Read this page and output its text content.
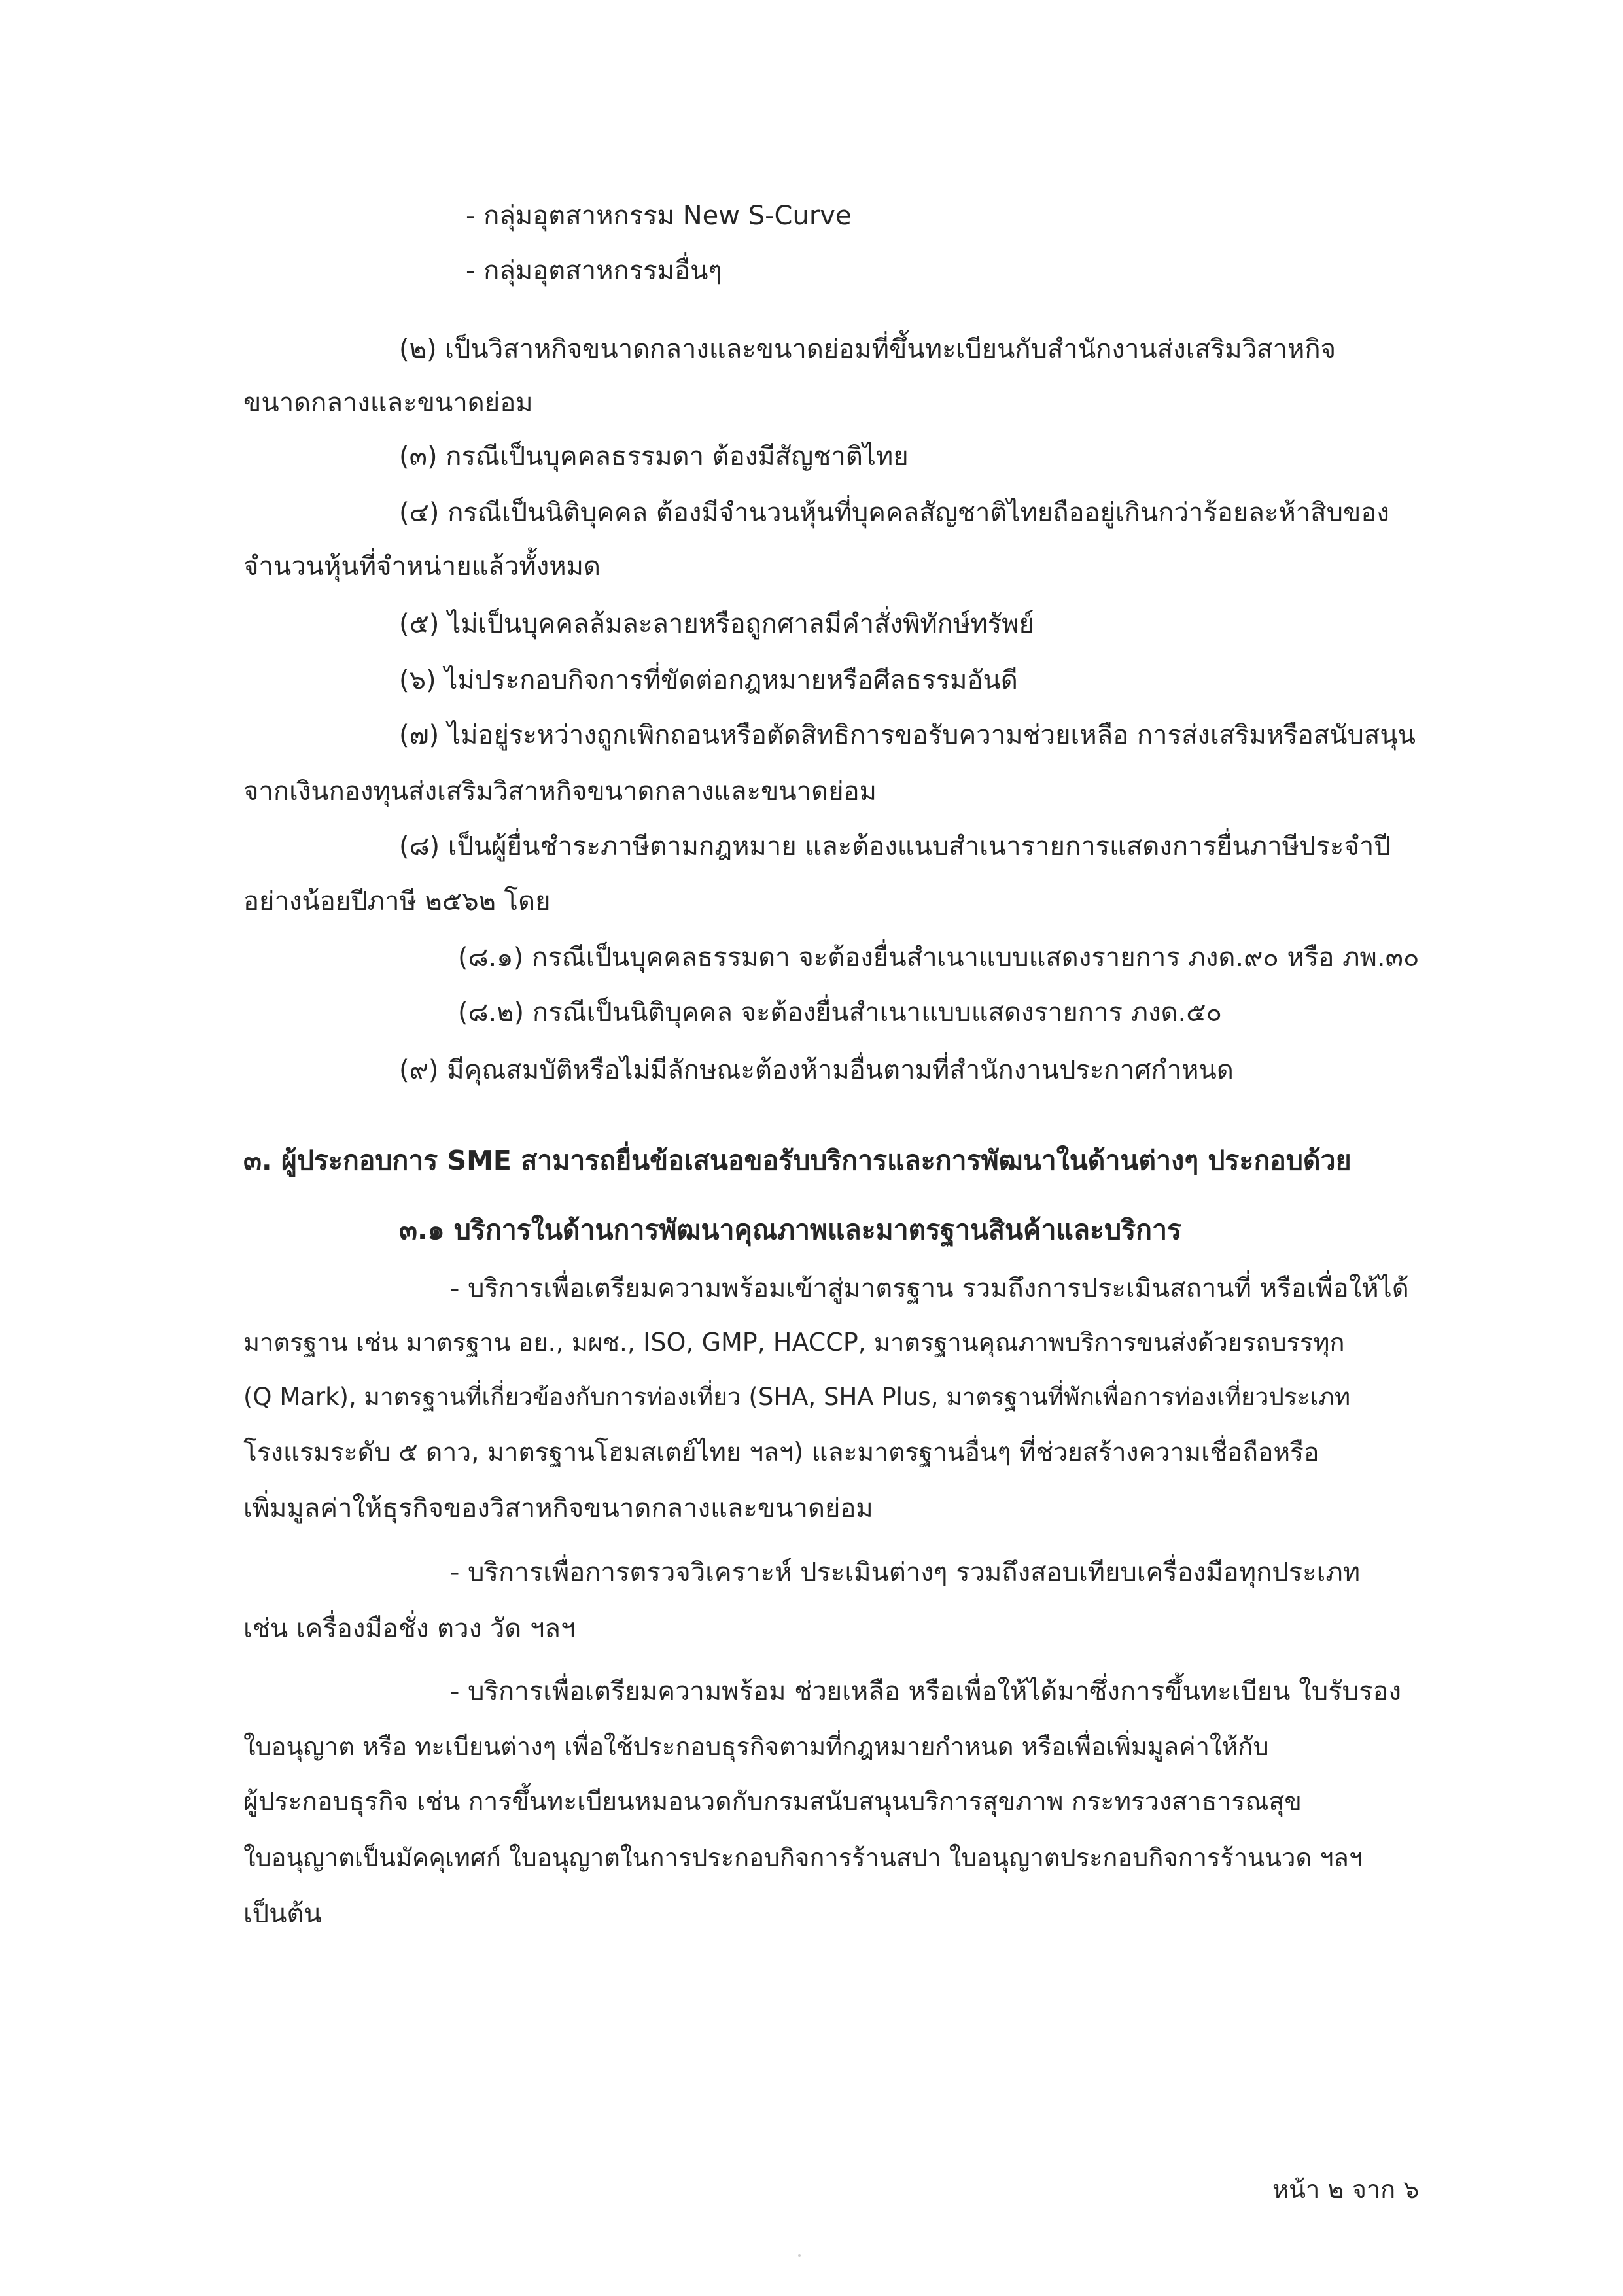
- กลุ่มอุตสาหกรรม New S-Curve
- กลุ่มอุตสาหกรรมอื่นๆ
(๒) เป็นวิสาหกิจขนาดกลางและขนาดย่อมที่ขึ้นทะเบียนกับสำนักงานส่งเสริมวิสาหกิจ
ขนาดกลางและขนาดย่อม
(๓) กรณีเป็นบุคคลธรรมดา ต้องมีสัญชาติไทย
(๔) กรณีเป็นนิติบุคคล ต้องมีจำนวนหุ้นที่บุคคลสัญชาติไทยถืออยู่เกินกว่าร้อยละห้าสิบของ
จำนวนหุ้นที่จำหน่ายแล้วทั้งหมด
(๕) ไม่เป็นบุคคลล้มละลายหรือถูกศาลมีคำสั่งพิทักษ์ทรัพย์
(๖) ไม่ประกอบกิจการที่ขัดต่อกฎหมายหรือศีลธรรมอันดี
(๗) ไม่อยู่ระหว่างถูกเพิกถอนหรือตัดสิทธิการขอรับความช่วยเหลือ การส่งเสริมหรือสนับสนุน
จากเงินกองทุนส่งเสริมวิสาหกิจขนาดกลางและขนาดย่อม
(๘) เป็นผู้ยื่นชำระภาษีตามกฎหมาย และต้องแนบสำเนารายการแสดงการยื่นภาษีประจำปี
อย่างน้อยปีภาษี ๒๕๖๒ โดย
(๘.๑) กรณีเป็นบุคคลธรรมดา จะต้องยื่นสำเนาแบบแสดงรายการ ภงด.๙๐ หรือ ภพ.๓๐
(๘.๒) กรณีเป็นนิติบุคคล จะต้องยื่นสำเนาแบบแสดงรายการ ภงด.๕๐
(๙) มีคุณสมบัติหรือไม่มีลักษณะต้องห้ามอื่นตามที่สำนักงานประกาศกำหนด
๓. ผู้ประกอบการ SME สามารถยื่นข้อเสนอขอรับบริการและการพัฒนาในด้านต่างๆ ประกอบด้วย
๓.๑ บริการในด้านการพัฒนาคุณภาพและมาตรฐานสินค้าและบริการ
- บริการเพื่อเตรียมความพร้อมเข้าสู่มาตรฐาน รวมถึงการประเมินสถานที่ หรือเพื่อให้ได้
มาตรฐาน เช่น มาตรฐาน อย., มผช., ISO, GMP, HACCP, มาตรฐานคุณภาพบริการขนส่งด้วยรถบรรทุก
(Q Mark), มาตรฐานที่เกี่ยวข้องกับการท่องเที่ยว (SHA, SHA Plus, มาตรฐานที่พักเพื่อการท่องเที่ยวประเภท
โรงแรมระดับ ๕ ดาว, มาตรฐานโฮมสเตย์ไทย ฯลฯ) และมาตรฐานอื่นๆ ที่ช่วยสร้างความเชื่อถือหรือ
เพิ่มมูลค่าให้ธุรกิจของวิสาหกิจขนาดกลางและขนาดย่อม
- บริการเพื่อการตรวจวิเคราะห์ ประเมินต่างๆ รวมถึงสอบเทียบเครื่องมือทุกประเภท
เช่น เครื่องมือชั่ง ตวง วัด ฯลฯ
- บริการเพื่อเตรียมความพร้อม ช่วยเหลือ หรือเพื่อให้ได้มาซึ่งการขึ้นทะเบียน ใบรับรอง
ใบอนุญาต หรือ ทะเบียนต่างๆ เพื่อใช้ประกอบธุรกิจตามที่กฎหมายกำหนด หรือเพื่อเพิ่มมูลค่าให้กับ
ผู้ประกอบธุรกิจ เช่น การขึ้นทะเบียนหมอนวดกับกรมสนับสนุนบริการสุขภาพ กระทรวงสาธารณสุข
ใบอนุญาตเป็นมัคคุเทศก์ ใบอนุญาตในการประกอบกิจการร้านสปา ใบอนุญาตประกอบกิจการร้านนวด ฯลฯ
เป็นต้น
หน้า ๒ จาก ๖
